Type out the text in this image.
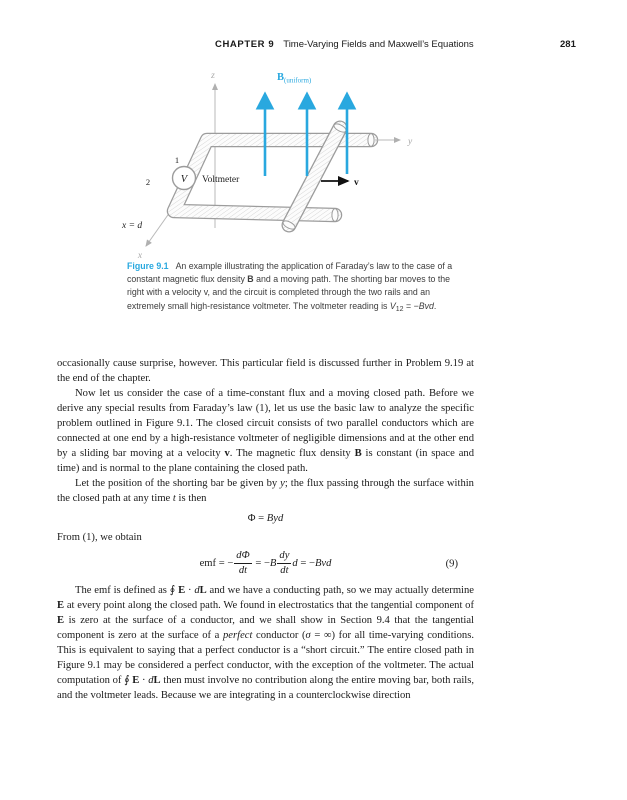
CHAPTER 9 Time-Varying Fields and Maxwell’s Equations	281
z
x
y
V
1
2	Voltmeter
x = d
B(uniform)
v
Figure 9.1 An example illustrating the application of Faraday’s law to the case of a constant magnetic flux density B and a moving path. The shorting bar moves to the right with a velocity v, and the circuit is completed through the two rails and an extremely small high-resistance voltmeter. The voltmeter reading is $V_{12} = -Bvd$.

occasionally cause surprise, however. This particular field is discussed further in Problem 9.19 at the end of the chapter.

Now let us consider the case of a time-constant flux and a moving closed path. Before we derive any special results from Faraday’s law (1), let us use the basic law to analyze the specific problem outlined in Figure 9.1. The closed circuit consists of two parallel conductors which are connected at one end by a high-resistance voltmeter of negligible dimensions and at the other end by a sliding bar moving at a velocity v. The magnetic flux density B is constant (in space and time) and is normal to the plane containing the closed path.

Let the position of the shorting bar be given by y; the flux passing through the surface within the closed path at any time t is then

Φ = Byd

From (1), we obtain

emf = − $\frac{d\Phi}{dt} = -B \frac{dy}{dt}$ d = −Bvd	(9)

The emf is defined as ∮ E · dL and we have a conducting path, so we may actually determine E at every point along the closed path. We found in electrostatics that the tangential component of E is zero at the surface of a conductor, and we shall show in Section 9.4 that the tangential component is zero at the surface of a perfect conductor (σ = ∞) for all time-varying conditions. This is equivalent to saying that a perfect conductor is a “short circuit.” The entire closed path in Figure 9.1 may be considered a perfect conductor, with the exception of the voltmeter. The actual computation of ∮ E · dL then must involve no contribution along the entire moving bar, both rails, and the voltmeter leads. Because we are integrating in a counterclockwise direction
